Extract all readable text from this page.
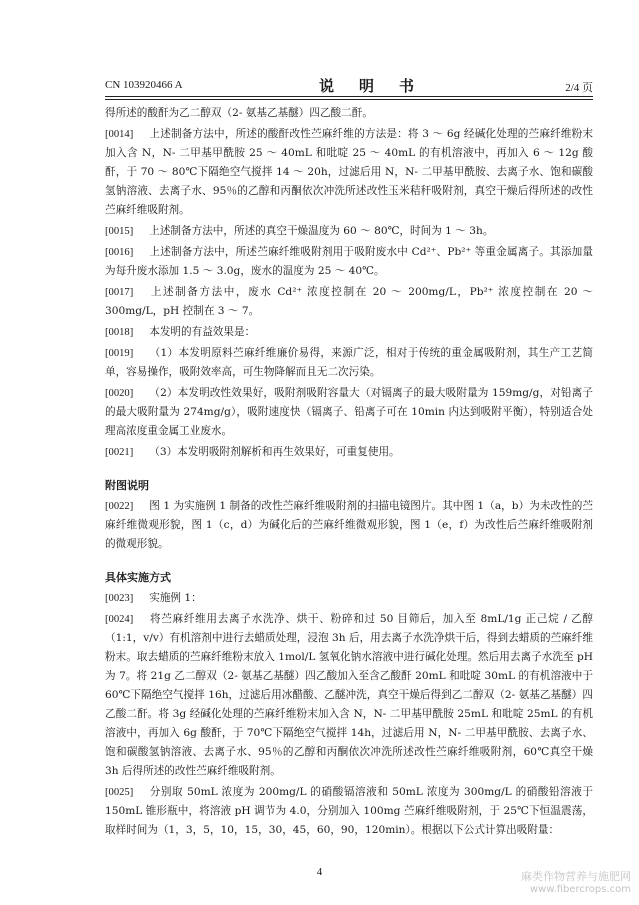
CN 103920466 A	说　明　书	2/4 页

得所述的酸酐为乙二醇双（2- 氨基乙基醚）四乙酸二酐。

[0014] 上述制备方法中，所述的酸酐改性苎麻纤维的方法是：将 3 ～ 6g 经碱化处理的苎麻纤维粉末加入含 N，N- 二甲基甲酰胺 25 ～ 40mL 和吡啶 25 ～ 40mL 的有机溶液中，再加入 6 ～ 12g 酸酐，于 70 ～ 80℃下隔绝空气搅拌 14 ～ 20h，过滤后用 N，N- 二甲基甲酰胺、去离子水、饱和碳酸氢钠溶液、去离子水、95％的乙醇和丙酮依次冲洗所述改性玉米秸秆吸附剂，真空干燥后得所述的改性苎麻纤维吸附剂。

[0015] 上述制备方法中，所述的真空干燥温度为 60 ～ 80℃，时间为 1 ～ 3h。

[0016] 上述制备方法中，所述苎麻纤维吸附剂用于吸附废水中 Cd²⁺、Pb²⁺ 等重金属离子。其添加量为每升废水添加 1.5 ～ 3.0g，废水的温度为 25 ～ 40℃。

[0017] 上述制备方法中，废水 Cd²⁺ 浓度控制在 20 ～ 200mg/L，Pb²⁺ 浓度控制在 20 ～ 300mg/L，pH 控制在 3 ～ 7。

[0018] 本发明的有益效果是：

[0019] （1）本发明原料苎麻纤维廉价易得，来源广泛，相对于传统的重金属吸附剂，其生产工艺简单，容易操作，吸附效率高，可生物降解而且无二次污染。

[0020] （2）本发明改性效果好，吸附剂吸附容量大（对镉离子的最大吸附量为 159mg/g，对铅离子的最大吸附量为 274mg/g），吸附速度快（镉离子、铅离子可在 10min 内达到吸附平衡），特别适合处理高浓度重金属工业废水。

[0021] （3）本发明吸附剂解析和再生效果好，可重复使用。

附图说明

[0022] 图 1 为实施例 1 制备的改性苎麻纤维吸附剂的扫描电镜图片。其中图 1（a，b）为未改性的苎麻纤维微观形貌，图 1（c，d）为碱化后的苎麻纤维微观形貌，图 1（e，f）为改性后苎麻纤维吸附剂的微观形貌。

具体实施方式

[0023] 实施例 1：

[0024] 将苎麻纤维用去离子水洗净、烘干、粉碎和过 50 目筛后，加入至 8mL/1g 正己烷 / 乙醇（1:1，v/v）有机溶剂中进行去蜡质处理，浸泡 3h 后，用去离子水洗净烘干后，得到去蜡质的苎麻纤维粉末。取去蜡质的苎麻纤维粉末放入 1mol/L 氢氧化钠水溶液中进行碱化处理。然后用去离子水洗至 pH 为 7。将 21g 乙二醇双（2- 氨基乙基醚）四乙酸加入至含乙酸酐 20mL 和吡啶 30mL 的有机溶液中于 60℃下隔绝空气搅拌 16h，过滤后用冰醋酸、乙醚冲洗，真空干燥后得到乙二醇双（2- 氨基乙基醚）四乙酸二酐。将 3g 经碱化处理的苎麻纤维粉末加入含 N，N- 二甲基甲酰胺 25mL 和吡啶 25mL 的有机溶液中，再加入 6g 酸酐，于 70℃下隔绝空气搅拌 14h，过滤后用 N，N- 二甲基甲酰胺、去离子水、饱和碳酸氢钠溶液、去离子水、95％的乙醇和丙酮依次冲洗所述改性苎麻纤维吸附剂，60℃真空干燥 3h 后得所述的改性苎麻纤维吸附剂。

[0025] 分别取 50mL 浓度为 200mg/L 的硝酸镉溶液和 50mL 浓度为 300mg/L 的硝酸铅溶液于 150mL 锥形瓶中，将溶液 pH 调节为 4.0，分别加入 100mg 苎麻纤维吸附剂，于 25℃下恒温震荡，取样时间为（1，3，5，10，15，30，45，60，90，120min）。根据以下公式计算出吸附量：

4	麻类作物营养与施肥网
www.fibercrops.com
